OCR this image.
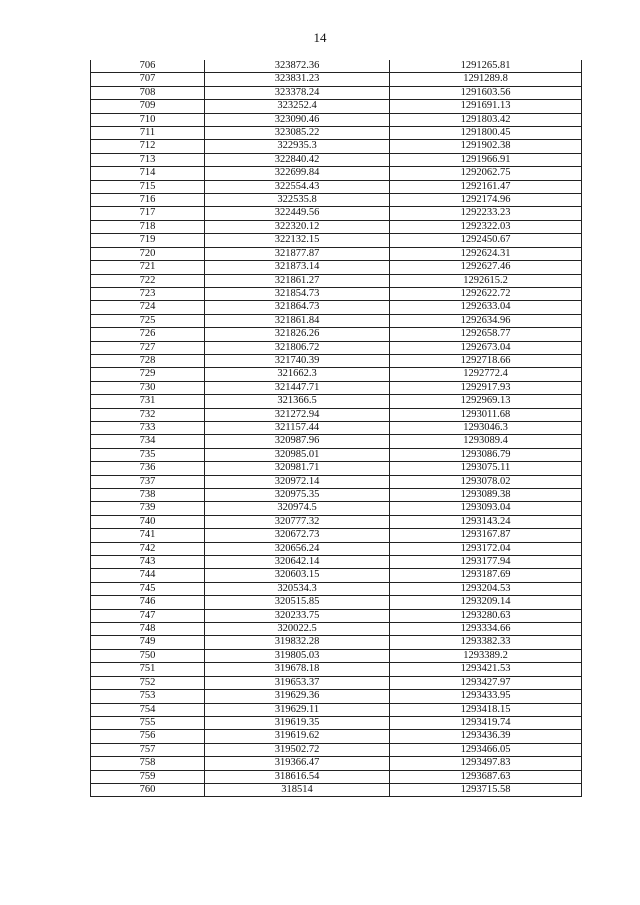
14
706	323872.36	1291265.81
707	323831.23	1291289.8
708	323378.24	1291603.56
709	323252.4	1291691.13
710	323090.46	1291803.42
711	323085.22	1291800.45
712	322935.3	1291902.38
713	322840.42	1291966.91
714	322699.84	1292062.75
715	322554.43	1292161.47
716	322535.8	1292174.96
717	322449.56	1292233.23
718	322320.12	1292322.03
719	322132.15	1292450.67
720	321877.87	1292624.31
721	321873.14	1292627.46
722	321861.27	1292615.2
723	321854.73	1292622.72
724	321864.73	1292633.04
725	321861.84	1292634.96
726	321826.26	1292658.77
727	321806.72	1292673.04
728	321740.39	1292718.66
729	321662.3	1292772.4
730	321447.71	1292917.93
731	321366.5	1292969.13
732	321272.94	1293011.68
733	321157.44	1293046.3
734	320987.96	1293089.4
735	320985.01	1293086.79
736	320981.71	1293075.11
737	320972.14	1293078.02
738	320975.35	1293089.38
739	320974.5	1293093.04
740	320777.32	1293143.24
741	320672.73	1293167.87
742	320656.24	1293172.04
743	320642.14	1293177.94
744	320603.15	1293187.69
745	320534.3	1293204.53
746	320515.85	1293209.14
747	320233.75	1293280.63
748	320022.5	1293334.66
749	319832.28	1293382.33
750	319805.03	1293389.2
751	319678.18	1293421.53
752	319653.37	1293427.97
753	319629.36	1293433.95
754	319629.11	1293418.15
755	319619.35	1293419.74
756	319619.62	1293436.39
757	319502.72	1293466.05
758	319366.47	1293497.83
759	318616.54	1293687.63
760	318514	1293715.58
